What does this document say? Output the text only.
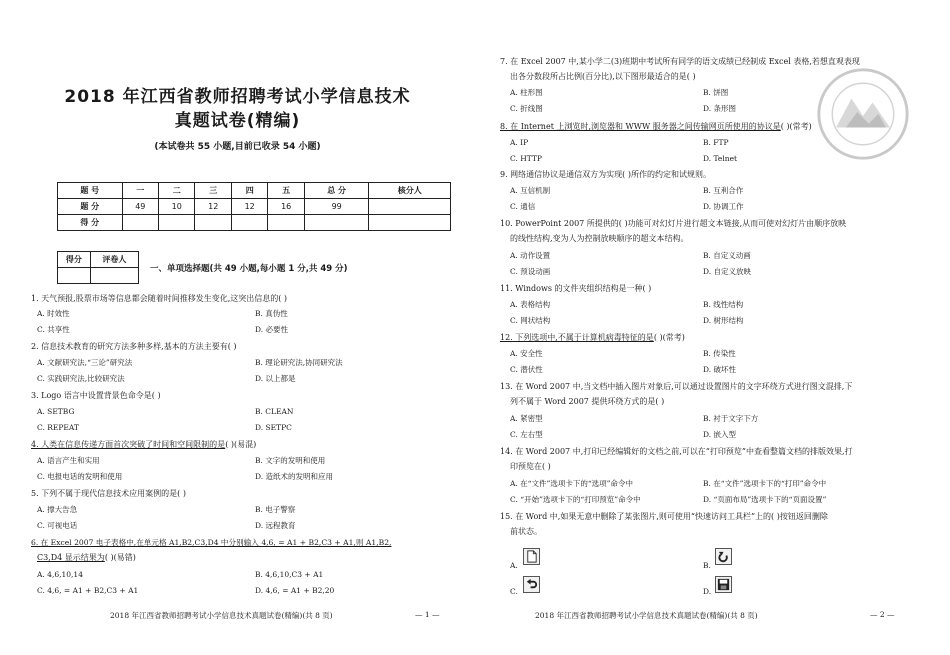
2018 年江西省教师招聘考试小学信息技术
真题试卷(精编)
(本试卷共 55 小题,目前已收录 54 小题)
题 号	一	二	三	四	五	总 分	核分人
题 分	49	10	12	12	16	99	
得 分							
得分	评卷人

一、单项选择题(共 49 小题,每小题 1 分,共 49 分)
1. 天气预报,股票市场等信息都会随着时间推移发生变化,这突出信息的( )
A. 时效性	B. 真伪性
C. 共享性	D. 必要性
2. 信息技术教育的研究方法多种多样,基本的方法主要有( )
A. 文献研究法,“三论”研究法	B. 理论研究法,协同研究法
C. 实践研究法,比较研究法	D. 以上都是
3. Logo 语言中设置背景色命令是( )
A. SETBG	B. CLEAN
C. REPEAT	D. SETPC
4. 人类在信息传递方面首次突破了时间和空间限制的是( )(易混)
A. 语言产生和实用	B. 文字的发明和使用
C. 电报电话的发明和使用	D. 造纸术的发明和应用
5. 下列不属于现代信息技术应用案例的是( )
A. 撑大告急	B. 电子警察
C. 可视电话	D. 远程教育
6. 在 Excel 2007 电子表格中,在单元格 A1,B2,C3,D4 中分别输入 4,6, = A1 + B2,C3 + A1,则 A1,B2,
C3,D4 显示结果为( )(易错)
A. 4,6,10,14	B. 4,6,10,C3 + A1
C. 4,6, = A1 + B2,C3 + A1	D. 4,6, = A1 + B2,20
2018 年江西省教师招聘考试小学信息技术真题试卷(精编)(共 8 页)	— 1 —
7. 在 Excel 2007 中,某小学二(3)班期中考试所有同学的语文成绩已经制成 Excel 表格,若想直观表现
出各分数段所占比例(百分比),以下图形最适合的是( )
A. 柱形图	B. 饼图
C. 折线图	D. 条形图
8. 在 Internet 上浏览时,浏览器和 WWW 服务器之间传输网页所使用的协议是( )(常考)
A. IP	B. FTP
C. HTTP	D. Telnet
9. 网络通信协议是通信双方为实现( )所作的约定和试规则。
A. 互信机制	B. 互利合作
C. 通信	D. 协调工作
10. PowerPoint 2007 所提供的( )功能可对幻灯片进行超文本链接,从而可使对幻灯片由顺序放映
的线性结构,变为人为控制放映顺序的超文本结构。
A. 动作设置	B. 自定义动画
C. 预设动画	D. 自定义放映
11. Windows 的文件夹组织结构是一种( )
A. 表格结构	B. 线性结构
C. 网状结构	D. 树形结构
12. 下列选项中,不属于计算机病毒特征的是( )(常考)
A. 安全性	B. 传染性
C. 潜伏性	D. 破坏性
13. 在 Word 2007 中,当文档中插入图片对象后,可以通过设置图片的文字环绕方式进行图文混排,下
列不属于 Word 2007 提供环绕方式的是( )
A. 紧密型	B. 衬于文字下方
C. 左右型	D. 嵌入型
14. 在 Word 2007 中,打印已经编辑好的文档之前,可以在“打印预览”中查看整篇文档的排版效果,打
印预览在( )
A. 在“文件”选项卡下的“选项”命令中	B. 在“文件”选项卡下的“打印”命令中
C. “开始”选项卡下的“打印预览”命令中	D. “页面布局”选项卡下的“页面设置”
15. 在 Word 中,如果无意中删除了某张图片,则可使用“快速访问工具栏”上的( )按钮返回删除
前状态。
A.	B.
C.	D.
2018 年江西省教师招聘考试小学信息技术真题试卷(精编)(共 8 页)	— 2 —
